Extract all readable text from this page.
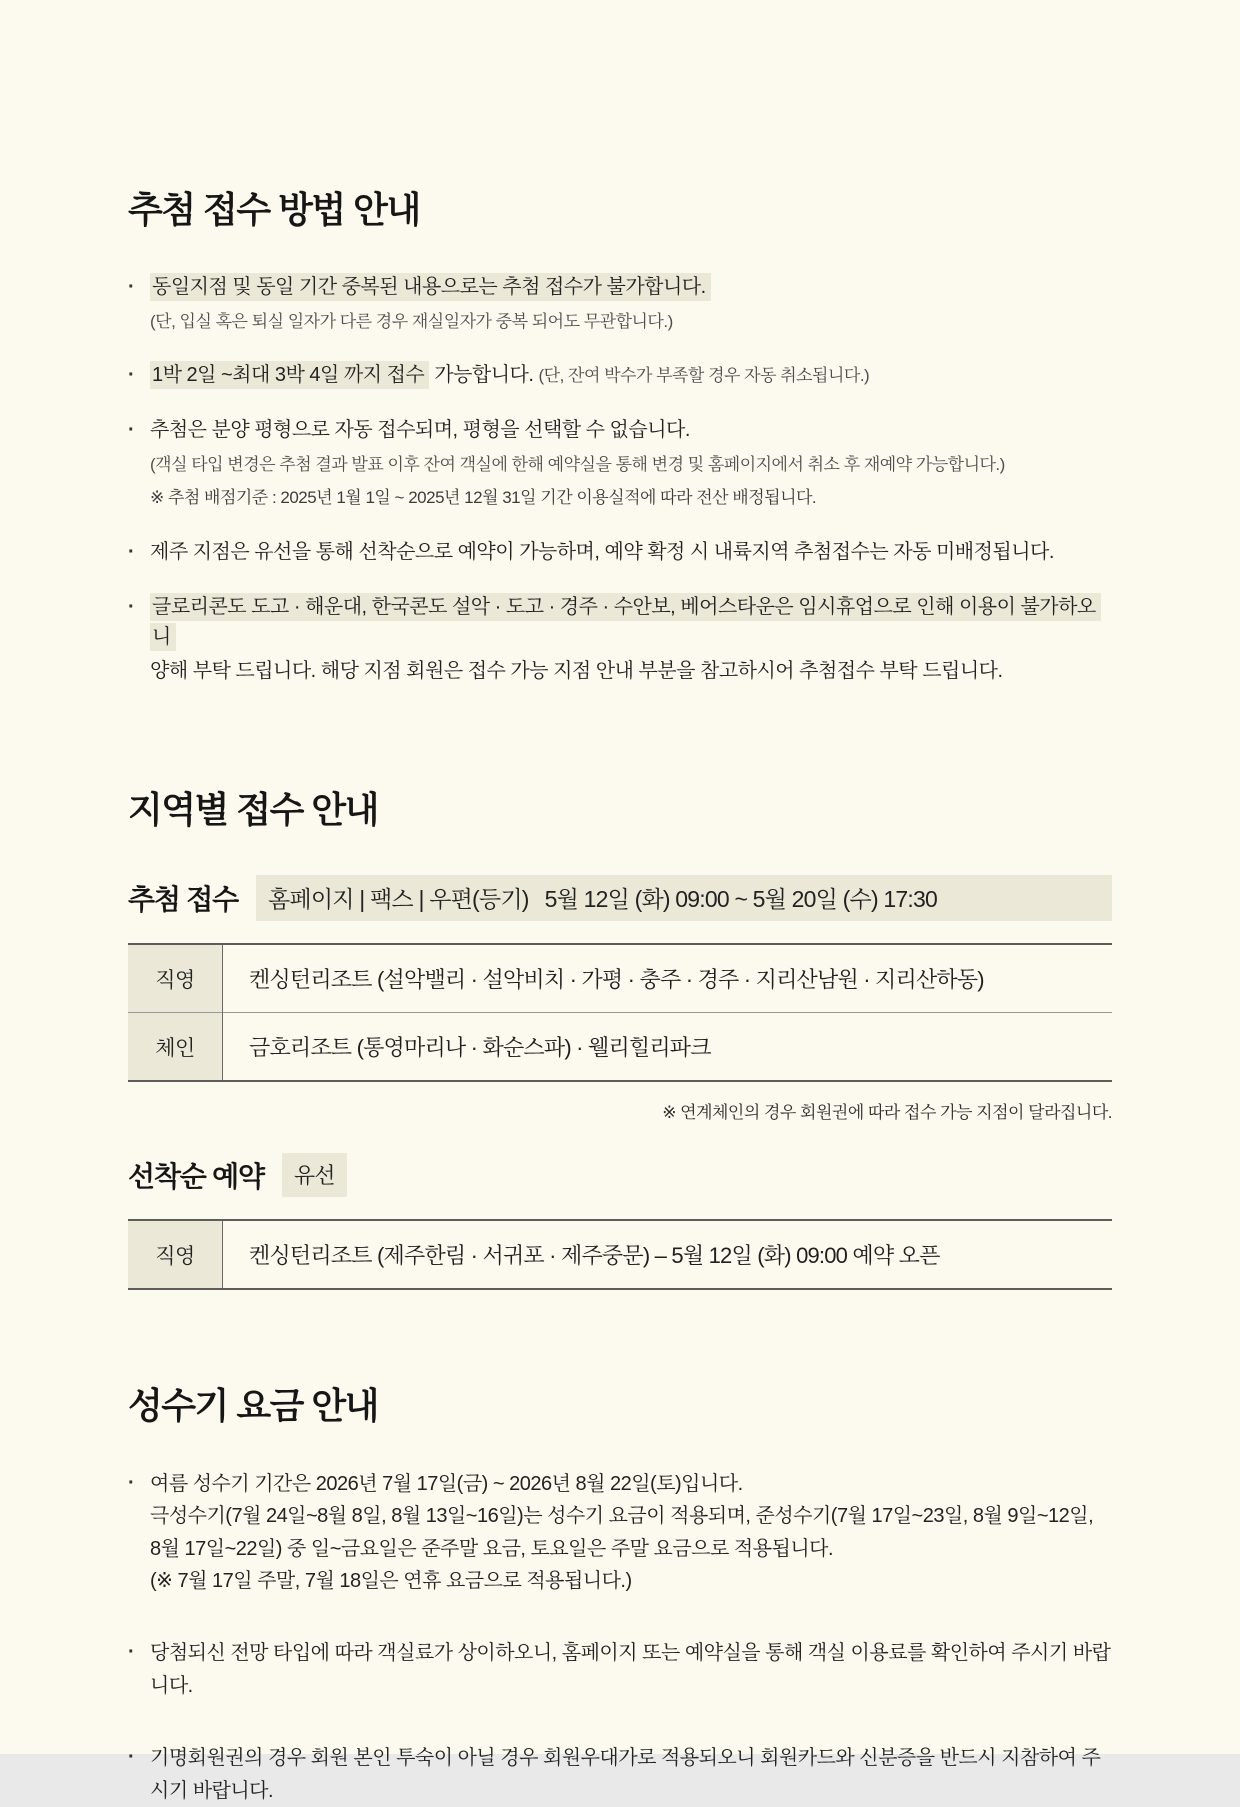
추첨 접수 방법 안내
·
동일지점 및 동일 기간 중복된 내용으로는 추첨 접수가 불가합니다.
(단, 입실 혹은 퇴실 일자가 다른 경우 재실일자가 중복 되어도 무관합니다.)
·
1박 2일 ~최대 3박 4일 까지 접수 가능합니다. (단, 잔여 박수가 부족할 경우 자동 취소됩니다.)
·
추첨은 분양 평형으로 자동 접수되며, 평형을 선택할 수 없습니다.
(객실 타입 변경은 추첨 결과 발표 이후 잔여 객실에 한해 예약실을 통해 변경 및 홈페이지에서 취소 후 재예약 가능합니다.)
※ 추첨 배점기준 : 2025년 1월 1일 ~ 2025년 12월 31일 기간 이용실적에 따라 전산 배정됩니다.
·
제주 지점은 유선을 통해 선착순으로 예약이 가능하며, 예약 확정 시 내륙지역 추첨접수는 자동 미배정됩니다.
·
글로리콘도 도고 · 해운대, 한국콘도 설악 · 도고 · 경주 · 수안보, 베어스타운은 임시휴업으로 인해 이용이 불가하오니
양해 부탁 드립니다. 해당 지점 회원은 접수 가능 지점 안내 부분을 참고하시어 추첨접수 부탁 드립니다.
지역별 접수 안내
추첨 접수 홈페이지 | 팩스 | 우편(등기) 5월 12일 (화) 09:00 ~ 5월 20일 (수) 17:30
직영	켄싱턴리조트 (설악밸리 · 설악비치 · 가평 · 충주 · 경주 · 지리산남원 · 지리산하동)
체인	금호리조트 (통영마리나 · 화순스파) · 웰리힐리파크
※ 연계체인의 경우 회원권에 따라 접수 가능 지점이 달라집니다.
선착순 예약	유선
직영	켄싱턴리조트 (제주한림 · 서귀포 · 제주중문) – 5월 12일 (화) 09:00 예약 오픈
성수기 요금 안내
·
여름 성수기 기간은 2026년 7월 17일(금) ~ 2026년 8월 22일(토)입니다.
극성수기(7월 24일~8월 8일, 8월 13일~16일)는 성수기 요금이 적용되며, 준성수기(7월 17일~23일, 8월 9일~12일,
8월 17일~22일) 중 일~금요일은 준주말 요금, 토요일은 주말 요금으로 적용됩니다.
(※ 7월 17일 주말, 7월 18일은 연휴 요금으로 적용됩니다.)
·
당첨되신 전망 타입에 따라 객실료가 상이하오니, 홈페이지 또는 예약실을 통해 객실 이용료를 확인하여 주시기 바랍니다.
·
기명회원권의 경우 회원 본인 투숙이 아닐 경우 회원우대가로 적용되오니 회원카드와 신분증을 반드시 지참하여 주시기 바랍니다.
